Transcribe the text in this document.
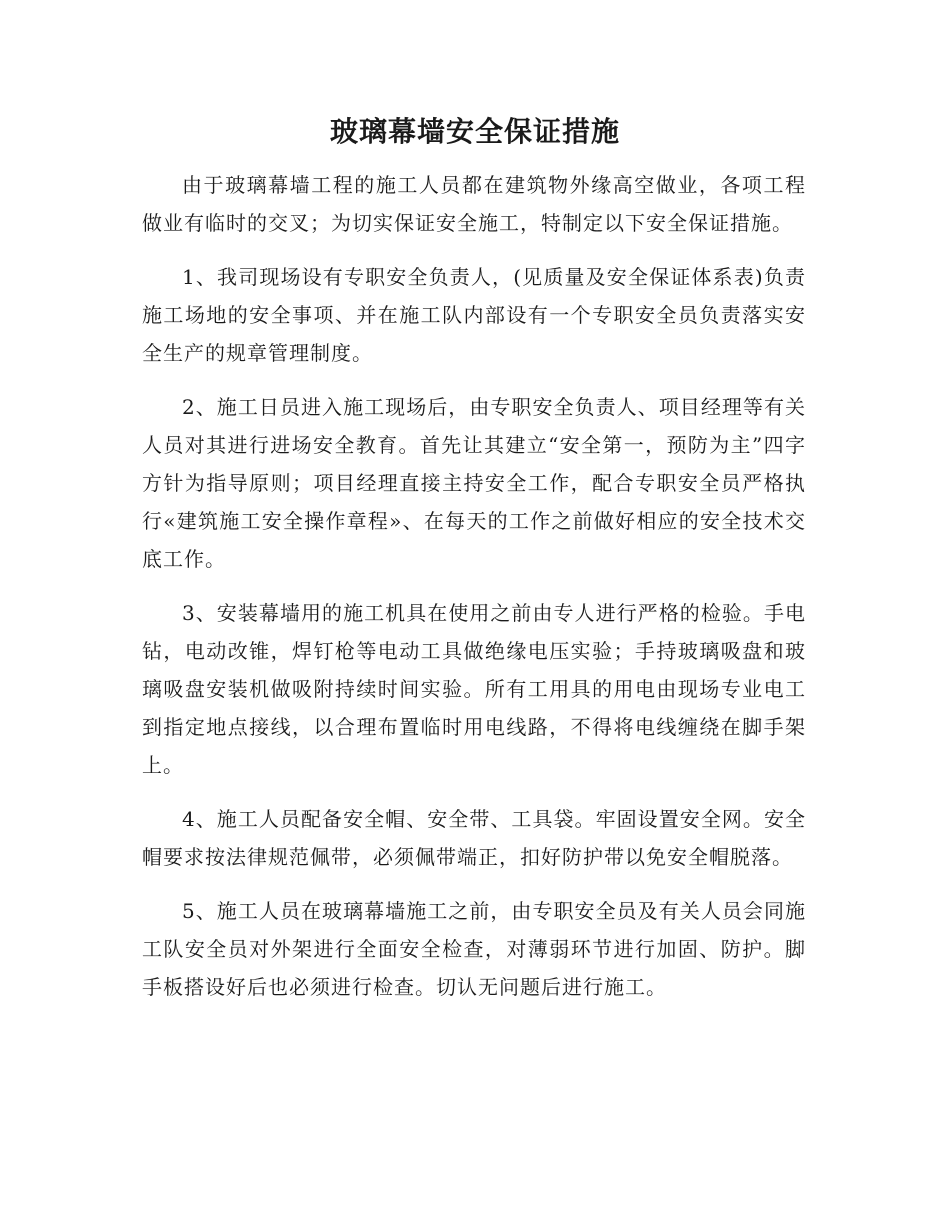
玻璃幕墙安全保证措施

由于玻璃幕墙工程的施工人员都在建筑物外缘高空做业，各项工程做业有临时的交叉；为切实保证安全施工，特制定以下安全保证措施。

1、我司现场设有专职安全负责人，(见质量及安全保证体系表)负责施工场地的安全事项、并在施工队内部设有一个专职安全员负责落实安全生产的规章管理制度。

2、施工日员进入施工现场后，由专职安全负责人、项目经理等有关人员对其进行进场安全教育。首先让其建立“安全第一，预防为主”四字方针为指导原则；项目经理直接主持安全工作，配合专职安全员严格执行«建筑施工安全操作章程»、在每天的工作之前做好相应的安全技术交底工作。

3、安装幕墙用的施工机具在使用之前由专人进行严格的检验。手电钻，电动改锥，焊钉枪等电动工具做绝缘电压实验；手持玻璃吸盘和玻璃吸盘安装机做吸附持续时间实验。所有工用具的用电由现场专业电工到指定地点接线，以合理布置临时用电线路，不得将电线缠绕在脚手架上。

4、施工人员配备安全帽、安全带、工具袋。牢固设置安全网。安全帽要求按法律规范佩带，必须佩带端正，扣好防护带以免安全帽脱落。

5、施工人员在玻璃幕墙施工之前，由专职安全员及有关人员会同施工队安全员对外架进行全面安全检查，对薄弱环节进行加固、防护。脚手板搭设好后也必须进行检查。切认无问题后进行施工。
